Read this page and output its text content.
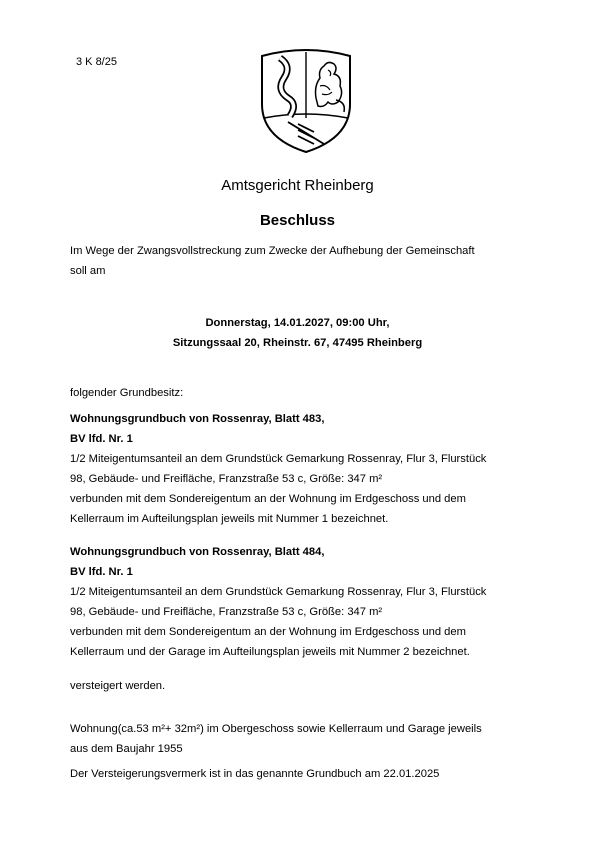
3 K 8/25
Amtsgericht Rheinberg
Beschluss
Im Wege der Zwangsvollstreckung zum Zwecke der Aufhebung der Gemeinschaft
soll am
Donnerstag, 14.01.2027, 09:00 Uhr,
Sitzungssaal 20, Rheinstr. 67, 47495 Rheinberg
folgender Grundbesitz:
Wohnungsgrundbuch von Rossenray, Blatt 483,
BV lfd. Nr. 1
1/2 Miteigentumsanteil an dem Grundstück Gemarkung Rossenray, Flur 3, Flurstück
98, Gebäude- und Freifläche, Franzstraße 53 c, Größe: 347 m²
verbunden mit dem Sondereigentum an der Wohnung im Erdgeschoss und dem
Kellerraum im Aufteilungsplan jeweils mit Nummer 1 bezeichnet.
Wohnungsgrundbuch von Rossenray, Blatt 484,
BV lfd. Nr. 1
1/2 Miteigentumsanteil an dem Grundstück Gemarkung Rossenray, Flur 3, Flurstück
98, Gebäude- und Freifläche, Franzstraße 53 c, Größe: 347 m²
verbunden mit dem Sondereigentum an der Wohnung im Erdgeschoss und dem
Kellerraum und der Garage im Aufteilungsplan jeweils mit Nummer 2 bezeichnet.
versteigert werden.
Wohnung(ca.53 m²+ 32m²) im Obergeschoss sowie Kellerraum und Garage jeweils
aus dem Baujahr 1955
Der Versteigerungsvermerk ist in das genannte Grundbuch am 22.01.2025
